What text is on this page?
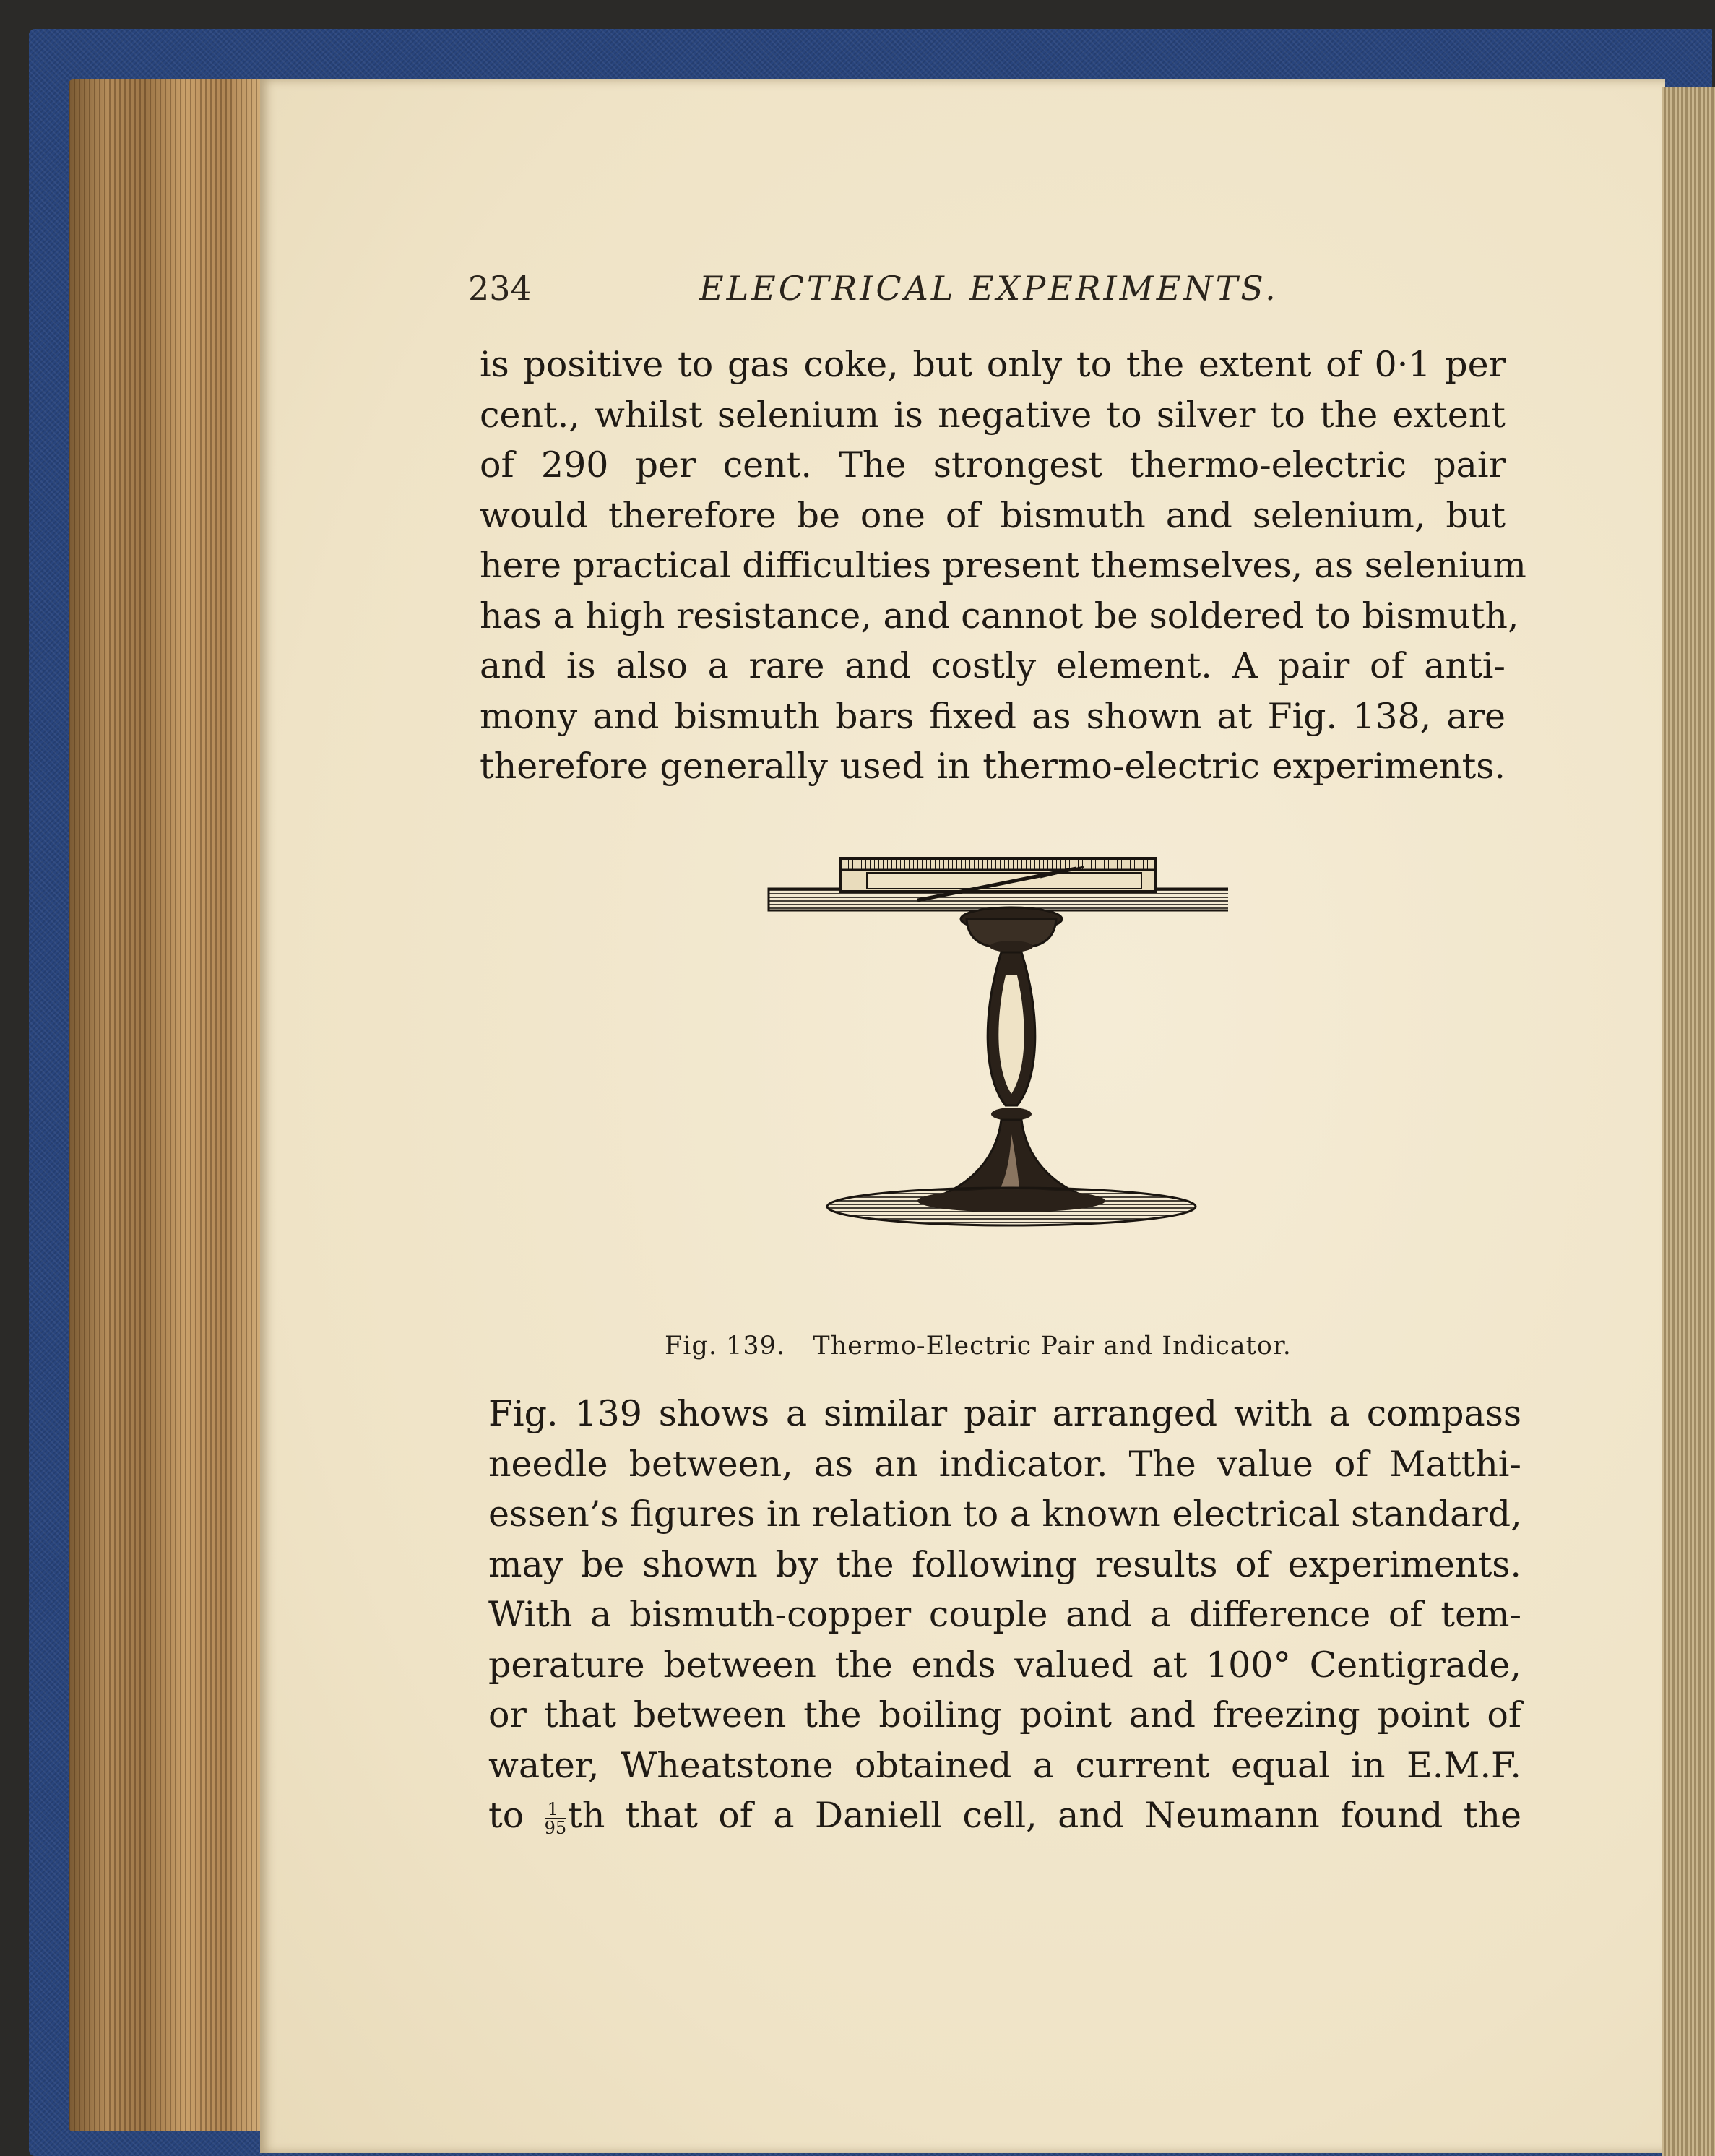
234	ELECTRICAL EXPERIMENTS.
is positive to gas coke, but only to the extent of 0·1 per
cent., whilst selenium is negative to silver to the extent
of 290 per cent. The strongest thermo-electric pair
would therefore be one of bismuth and selenium, but
here practical difficulties present themselves, as selenium
has a high resistance, and cannot be soldered to bismuth,
and is also a rare and costly element. A pair of anti-
mony and bismuth bars fixed as shown at Fig. 138, are
therefore generally used in thermo-electric experiments.
Fig. 139. Thermo-Electric Pair and Indicator.
Fig. 139 shows a similar pair arranged with a compass
needle between, as an indicator. The value of Matthi-
essen’s figures in relation to a known electrical standard,
may be shown by the following results of experiments.
With a bismuth-copper couple and a difference of tem-
perature between the ends valued at 100° Centigrade,
or that between the boiling point and freezing point of
water, Wheatstone obtained a current equal in E.M.F.
to $\frac{1}{95}$ th that of a Daniell cell, and Neumann found the
